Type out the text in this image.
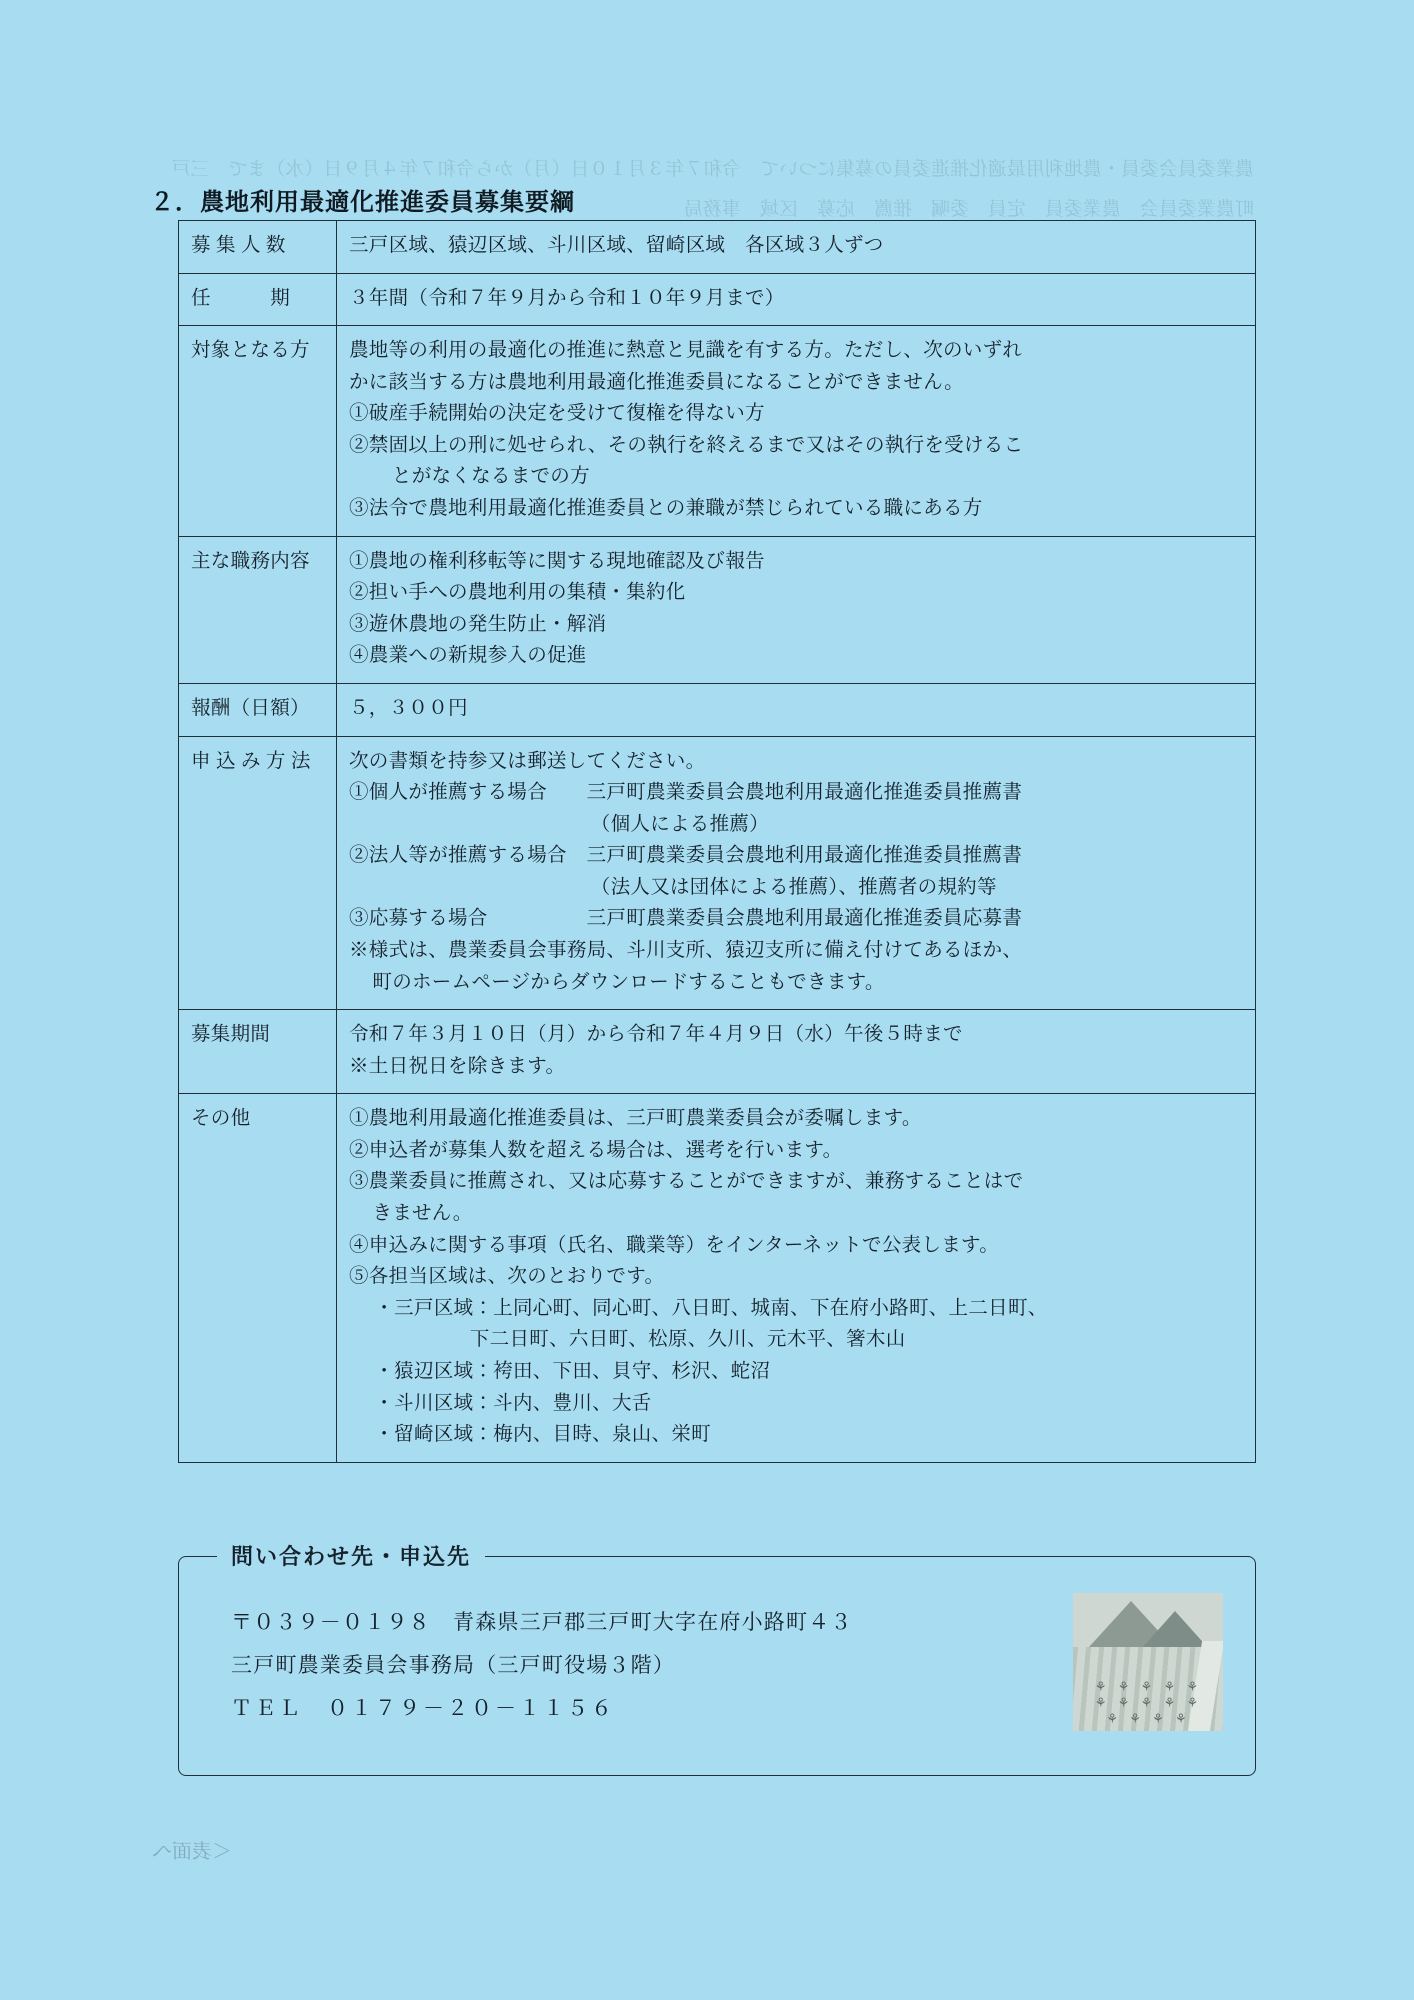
農業委員会委員・農地利用最適化推進委員の募集について　令和７年３月１０日（月）から令和７年４月９日（水）まで　三戸町農業委員会　農業委員　定員　委嘱　推薦　応募　区域　事務局
２．農地利用最適化推進委員募集要綱
募 集 人 数	三戸区域、猿辺区域、斗川区域、留崎区域　各区域３人ずつ

任　　　期	３年間（令和７年９月から令和１０年９月まで）

対象となる方	農地等の利用の最適化の推進に熱意と見識を有する方。ただし、次のいずれ
かに該当する方は農地利用最適化推進委員になることができません。
①破産手続開始の決定を受けて復権を得ない方
②禁固以上の刑に処せられ、その執行を終えるまで又はその執行を受けるこ
とがなくなるまでの方
③法令で農地利用最適化推進委員との兼職が禁じられている職にある方

主な職務内容	①農地の権利移転等に関する現地確認及び報告
②担い手への農地利用の集積・集約化
③遊休農地の発生防止・解消
④農業への新規参入の促進

報酬（日額）	５，３００円

申 込 み 方 法	次の書類を持参又は郵送してください。
①個人が推薦する場合　　三戸町農業委員会農地利用最適化推進委員推薦書
（個人による推薦）
②法人等が推薦する場合　三戸町農業委員会農地利用最適化推進委員推薦書
（法人又は団体による推薦）、推薦者の規約等
③応募する場合　　　　　三戸町農業委員会農地利用最適化推進委員応募書
※様式は、農業委員会事務局、斗川支所、猿辺支所に備え付けてあるほか、
町のホームページからダウンロードすることもできます。

募集期間	令和７年３月１０日（月）から令和７年４月９日（水）午後５時まで
※土日祝日を除きます。

その他	①農地利用最適化推進委員は、三戸町農業委員会が委嘱します。
②申込者が募集人数を超える場合は、選考を行います。
③農業委員に推薦され、又は応募することができますが、兼務することはで
きません。
④申込みに関する事項（氏名、職業等）をインターネットで公表します。
⑤各担当区域は、次のとおりです。
・三戸区域：上同心町、同心町、八日町、城南、下在府小路町、上二日町、
下二日町、六日町、松原、久川、元木平、箸木山
・猿辺区域：袴田、下田、貝守、杉沢、蛇沼
・斗川区域：斗内、豊川、大舌
・留崎区域：梅内、目時、泉山、栄町
問い合わせ先・申込先
〒０３９－０１９８　青森県三戸郡三戸町大字在府小路町４３
三戸町農業委員会事務局（三戸町役場３階）
ＴＥＬ　０１７９－２０－１１５６
⚘ ⚘ ⚘ ⚘ ⚘
⚘ ⚘ ⚘ ⚘ ⚘
⚘ ⚘ ⚘ ⚘
＜表面へ
